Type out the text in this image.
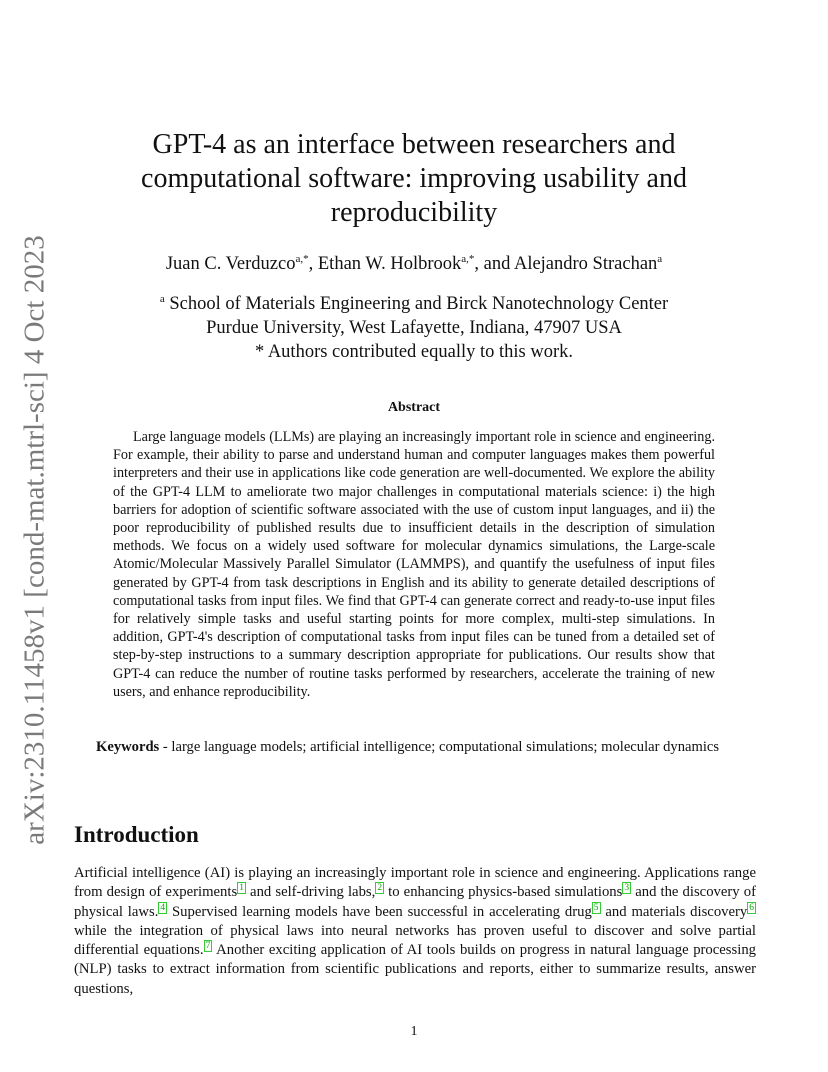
arXiv:2310.11458v1 [cond-mat.mtrl-sci] 4 Oct 2023
GPT-4 as an interface between researchers and computational software: improving usability and reproducibility
Juan C. Verduzco$^{a,*}$, Ethan W. Holbrook$^{a,*}$, and Alejandro Strachan$^a$
$^a$ School of Materials Engineering and Birck Nanotechnology Center
Purdue University, West Lafayette, Indiana, 47907 USA
* Authors contributed equally to this work.
Abstract

Large language models (LLMs) are playing an increasingly important role in science and engineering. For example, their ability to parse and understand human and computer languages makes them powerful interpreters and their use in applications like code generation are well-documented. We explore the ability of the GPT-4 LLM to ameliorate two major challenges in computational materials science: i) the high barriers for adoption of scientific software associated with the use of custom input languages, and ii) the poor reproducibility of published results due to insufficient details in the description of simulation methods. We focus on a widely used software for molecular dynamics simulations, the Large-scale Atomic/Molecular Massively Parallel Simulator (LAMMPS), and quantify the usefulness of input files generated by GPT-4 from task descriptions in English and its ability to generate detailed descriptions of computational tasks from input files. We find that GPT-4 can generate correct and ready-to-use input files for relatively simple tasks and useful starting points for more complex, multi-step simulations. In addition, GPT-4's description of computational tasks from input files can be tuned from a detailed set of step-by-step instructions to a summary description appropriate for publications. Our results show that GPT-4 can reduce the number of routine tasks performed by researchers, accelerate the training of new users, and enhance reproducibility.

Keywords - large language models; artificial intelligence; computational simulations; molecular dynamics

Introduction

Artificial intelligence (AI) is playing an increasingly important role in science and engineering. Applications range from design of experiments $^1$ and self-driving labs, $^2$ to enhancing physics-based simulations $^3$ and the discovery of physical laws. $^4$ Supervised learning models have been successful in accelerating drug $^5$ and materials discovery $^6$ while the integration of physical laws into neural networks has proven useful to discover and solve partial differential equations. $^7$ Another exciting application of AI tools builds on progress in natural language processing (NLP) tasks to extract information from scientific publications and reports, either to summarize results, answer questions,

1
